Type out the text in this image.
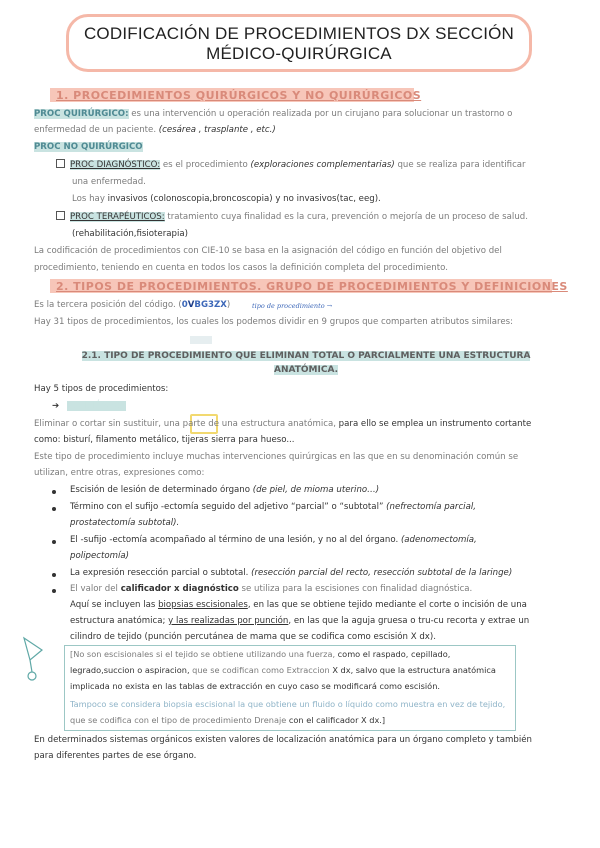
CODIFICACIÓN DE PROCEDIMIENTOS DX SECCIÓN
MÉDICO-QUIRÚRGICA
1. PROCEDIMIENTOS QUIRÚRGICOS Y NO QUIRÚRGICOS
PROC QUIRÚRGICO: es una intervención u operación realizada por un cirujano para solucionar un trastorno o
enfermedad de un paciente. (cesárea , trasplante , etc.)
PROC NO QUIRÚRGICO
PROC DIAGNÓSTICO: es el procedimiento (exploraciones complementarias) que se realiza para identificar
una enfermedad.
Los hay invasivos (colonoscopia,broncoscopia) y no invasivos(tac, eeg).
PROC TERAPÉUTICOS: tratamiento cuya finalidad es la cura, prevención o mejoría de un proceso de salud.
(rehabilitación,fisioterapia)
La codificación de procedimientos con CIE-10 se basa en la asignación del código en función del objetivo del
procedimiento, teniendo en cuenta en todos los casos la definición completa del procedimiento.
2. TIPOS DE PROCEDIMIENTOS. GRUPO DE PROCEDIMIENTOS Y DEFINICIONES
Es la tercera posición del código. (0VBG3ZX)	tipo de procedimiento →
Hay 31 tipos de procedimientos, los cuales los podemos dividir en 9 grupos que comparten atributos similares:
2.1. TIPO DE PROCEDIMIENTO QUE ELIMINAN TOTAL O PARCIALMENTE UNA ESTRUCTURA
ANATÓMICA.
Hay 5 tipos de procedimientos:
➔ ESCISIÓN (B):
Eliminar o cortar sin sustituir, una parte de una estructura anatómica, para ello se emplea un instrumento cortante
como: bisturí, filamento metálico, tijeras sierra para hueso...
Este tipo de procedimiento incluye muchas intervenciones quirúrgicas en las que en su denominación común se
utilizan, entre otras, expresiones como:
Escisión de lesión de determinado órgano (de piel, de mioma uterino…)
Término con el sufijo -ectomía seguido del adjetivo “parcial” o “subtotal” (nefrectomía parcial,
prostatectomía subtotal).
El -sufijo -ectomía acompañado al término de una lesión, y no al del órgano. (adenomectomía,
polipectomía)
La expresión resección parcial o subtotal. (resección parcial del recto, resección subtotal de la laringe)
El valor del calificador x diagnóstico se utiliza para la escisiones con finalidad diagnóstica.
Aquí se incluyen las biopsias escisionales, en las que se obtiene tejido mediante el corte o incisión de una
estructura anatómica; y las realizadas por punción, en las que la aguja gruesa o tru-cu recorta y extrae un
cilindro de tejido (punción percutánea de mama que se codifica como escisión X dx).
[No son escisionales si el tejido se obtiene utilizando una fuerza, como el raspado, cepillado,
legrado,succion o aspiracion, que se codifican como Extraccion X dx, salvo que la estructura anatómica
implicada no exista en las tablas de extracción en cuyo caso se modificará como escisión.
Tampoco se considera biopsia escisional la que obtiene un fluido o líquido como muestra en vez de tejido,
que se codifica con el tipo de procedimiento Drenaje con el calificador X dx.]
En determinados sistemas orgánicos existen valores de localización anatómica para un órgano completo y también
para diferentes partes de ese órgano.
